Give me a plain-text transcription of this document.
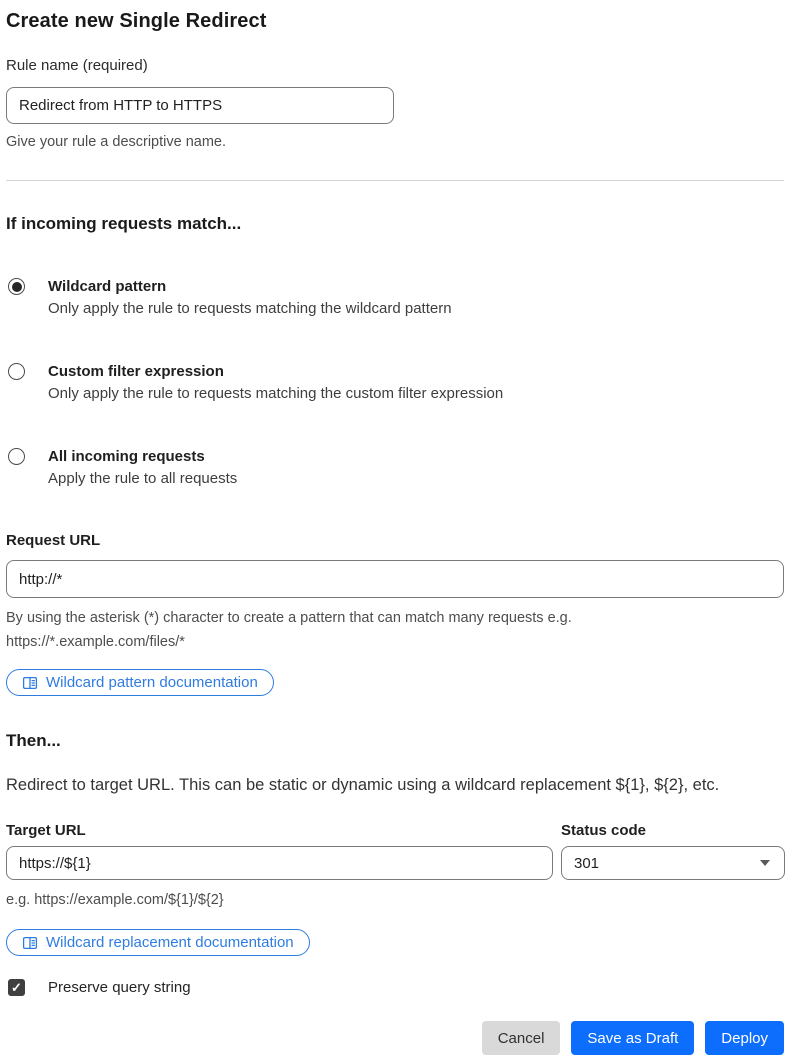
Create new Single Redirect
Rule name (required)
Redirect from HTTP to HTTPS
Give your rule a descriptive name.
If incoming requests match...
Wildcard pattern
Only apply the rule to requests matching the wildcard pattern
Custom filter expression
Only apply the rule to requests matching the custom filter expression
All incoming requests
Apply the rule to all requests
Request URL
http://*
By using the asterisk (*) character to create a pattern that can match many requests e.g. https://*.example.com/files/*
Wildcard pattern documentation
Then...

Redirect to target URL. This can be static or dynamic using a wildcard replacement ${1}, ${2}, etc.

Target URL
https://${1}	Status code
301
e.g. https://example.com/${1}/${2}
Wildcard replacement documentation
✓ Preserve query string
Cancel	Save as Draft	Deploy
